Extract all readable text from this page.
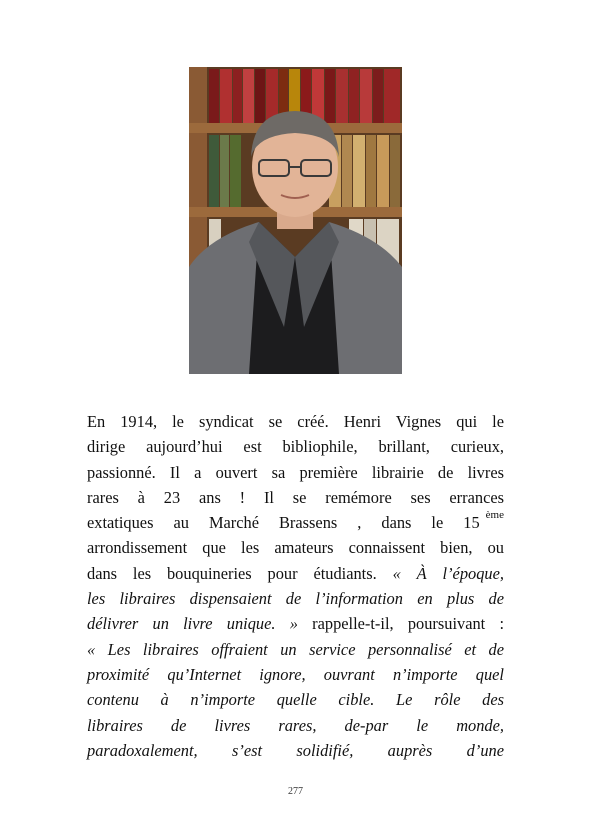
En 1914, le syndicat se créé. Henri Vignes qui le
dirige aujourd’hui est bibliophile, brillant, curieux,
passionné. Il a ouvert sa première librairie de livres
rares à 23 ans ! Il se remémore ses errances
extatiques au Marché Brassens , dans le 15 $^{ème}$
arrondissement que les amateurs connaissent bien, ou
dans les bouquineries pour étudiants. « À l’époque,
les libraires dispensaient de l’information en plus de
délivrer un livre unique. » rappelle-t-il, poursuivant :
« Les libraires offraient un service personnalisé et de
proximité qu’Internet ignore, ouvrant n’importe quel
contenu à n’importe quelle cible. Le rôle des
libraires de livres rares, de-par le monde,
paradoxalement, s’est solidifié, auprès d’une
277
